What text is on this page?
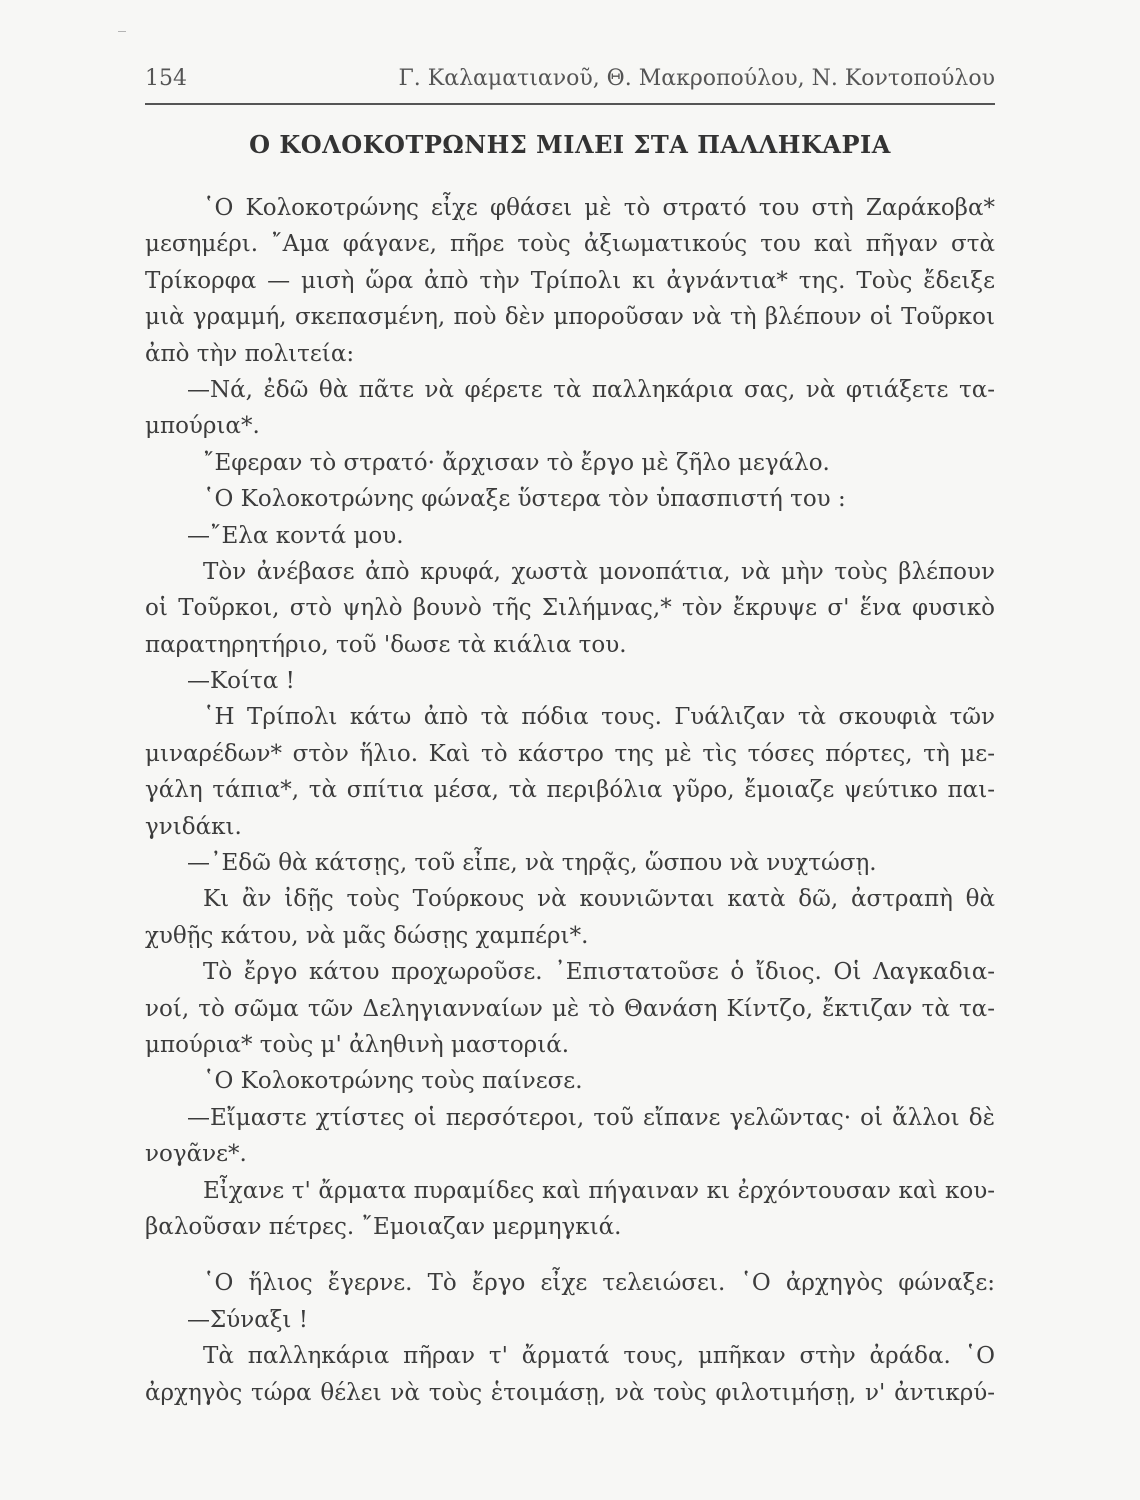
154	Γ. Καλαματιανοῦ, Θ. Μακροπούλου, Ν. Κοντοπούλου
Ο ΚΟΛΟΚΟΤΡΩΝΗΣ ΜΙΛΕΙ ΣΤΑ ΠΑΛΛΗΚΑΡΙΑ
῾Ο Κολοκοτρώνης εἶχε φθάσει μὲ τὸ στρατό του στὴ Ζαράκοβα*
μεσημέρι. ῎Αμα φάγανε, πῆρε τοὺς ἀξιωματικούς του καὶ πῆγαν στὰ
Τρίκορφα — μισὴ ὥρα ἀπὸ τὴν Τρίπολι κι ἀγνάντια* της. Τοὺς ἔδειξε
μιὰ γραμμή, σκεπασμένη, ποὺ δὲν μποροῦσαν νὰ τὴ βλέπουν οἱ Τοῦρκοι
ἀπὸ τὴν πολιτεία:
—Νά, ἐδῶ θὰ πᾶτε νὰ φέρετε τὰ παλληκάρια σας, νὰ φτιάξετε τα-
μπούρια*.
῎Εφεραν τὸ στρατό· ἄρχισαν τὸ ἔργο μὲ ζῆλο μεγάλο.
῾Ο Κολοκοτρώνης φώναξε ὕστερα τὸν ὑπασπιστή του :
—῎Ελα κοντά μου.
Τὸν ἀνέβασε ἀπὸ κρυφά, χωστὰ μονοπάτια, νὰ μὴν τοὺς βλέπουν
οἱ Τοῦρκοι, στὸ ψηλὸ βουνὸ τῆς Σιλήμνας,* τὸν ἔκρυψε σ' ἕνα φυσικὸ
παρατηρητήριο, τοῦ 'δωσε τὰ κιάλια του.
—Κοίτα !
῾Η Τρίπολι κάτω ἀπὸ τὰ πόδια τους. Γυάλιζαν τὰ σκουφιὰ τῶν
μιναρέδων* στὸν ἥλιο. Καὶ τὸ κάστρο της μὲ τὶς τόσες πόρτες, τὴ με-
γάλη τάπια*, τὰ σπίτια μέσα, τὰ περιβόλια γῦρο, ἔμοιαζε ψεύτικο παι-
γνιδάκι.
—᾿Εδῶ θὰ κάτσῃς, τοῦ εἶπε, νὰ τηρᾷς, ὥσπου νὰ νυχτώσῃ.
Κι ἂν ἰδῇς τοὺς Τούρκους νὰ κουνιῶνται κατὰ δῶ, ἀστραπὴ θὰ
χυθῇς κάτου, νὰ μᾶς δώσῃς χαμπέρι*.
Τὸ ἔργο κάτου προχωροῦσε. ᾿Επιστατοῦσε ὁ ἴδιος. Οἱ Λαγκαδια-
νοί, τὸ σῶμα τῶν Δεληγιανναίων μὲ τὸ Θανάση Κίντζο, ἔκτιζαν τὰ τα-
μπούρια* τοὺς μ' ἀληθινὴ μαστοριά.
῾Ο Κολοκοτρώνης τοὺς παίνεσε.
—Εἴμαστε χτίστες οἱ περσότεροι, τοῦ εἴπανε γελῶντας· οἱ ἄλλοι δὲ
νογᾶνε*.
Εἶχανε τ' ἄρματα πυραμίδες καὶ πήγαιναν κι ἐρχόντουσαν καὶ κου-
βαλοῦσαν πέτρες. ῎Εμοιαζαν μερμηγκιά.
῾Ο ἥλιος ἔγερνε. Τὸ ἔργο εἶχε τελειώσει. ῾Ο ἀρχηγὸς φώναξε:
—Σύναξι !
Τὰ παλληκάρια πῆραν τ' ἄρματά τους, μπῆκαν στὴν ἀράδα. ῾Ο
ἀρχηγὸς τώρα θέλει νὰ τοὺς ἑτοιμάσῃ, νὰ τοὺς φιλοτιμήσῃ, ν' ἀντικρύ-
‾
